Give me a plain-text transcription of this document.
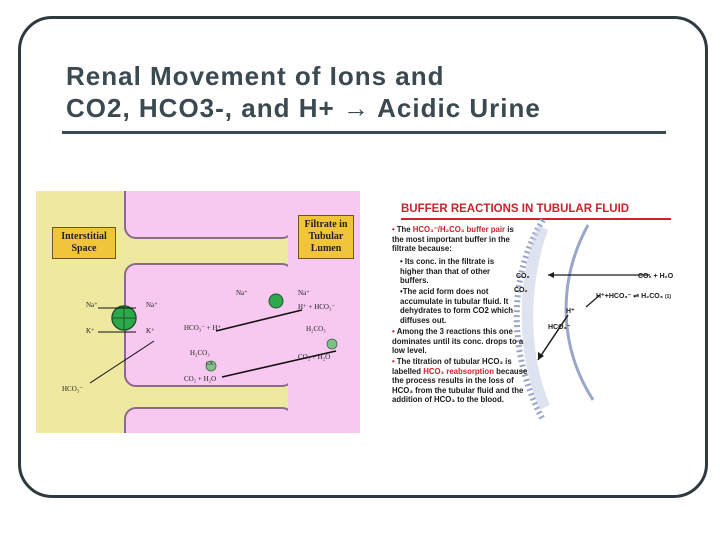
Renal Movement of Ions and
CO2, HCO3-, and H+ → Acidic Urine
Interstitial Space
Filtrate in Tubular Lumen
Na⁺	Na⁺
K⁺	K⁺
HCO₃⁻
Na⁺	Na⁺
H⁺ + HCO₃⁻
H₂CO₃
CO₂ + H₂O
HCO₃⁻ + H⁺
H₂CO₃
CO₂ + H₂O
CA
BUFFER REACTIONS IN TUBULAR FLUID
• The HCO₃⁻/H₂CO₃ buffer pair is the most important buffer in the filtrate because:
• Its conc. in the filtrate is higher than that of other buffers.
•The acid form does not accumulate in tubular fluid. It dehydrates to form CO2 which diffuses out.
• Among the 3 reactions this one dominates until its conc. drops to a low level.
• The titration of tubular HCO₃ is labelled HCO₃ reabsorption because the process results in the loss of HCO₃ from the tubular fluid and the addition of HCO₃ to the blood.
CO₂	CO₂ + H₂O
H⁺+HCO₃⁻ ⇌ H₂CO₃ (1)
H⁺
CO₂
HCO₃⁻
